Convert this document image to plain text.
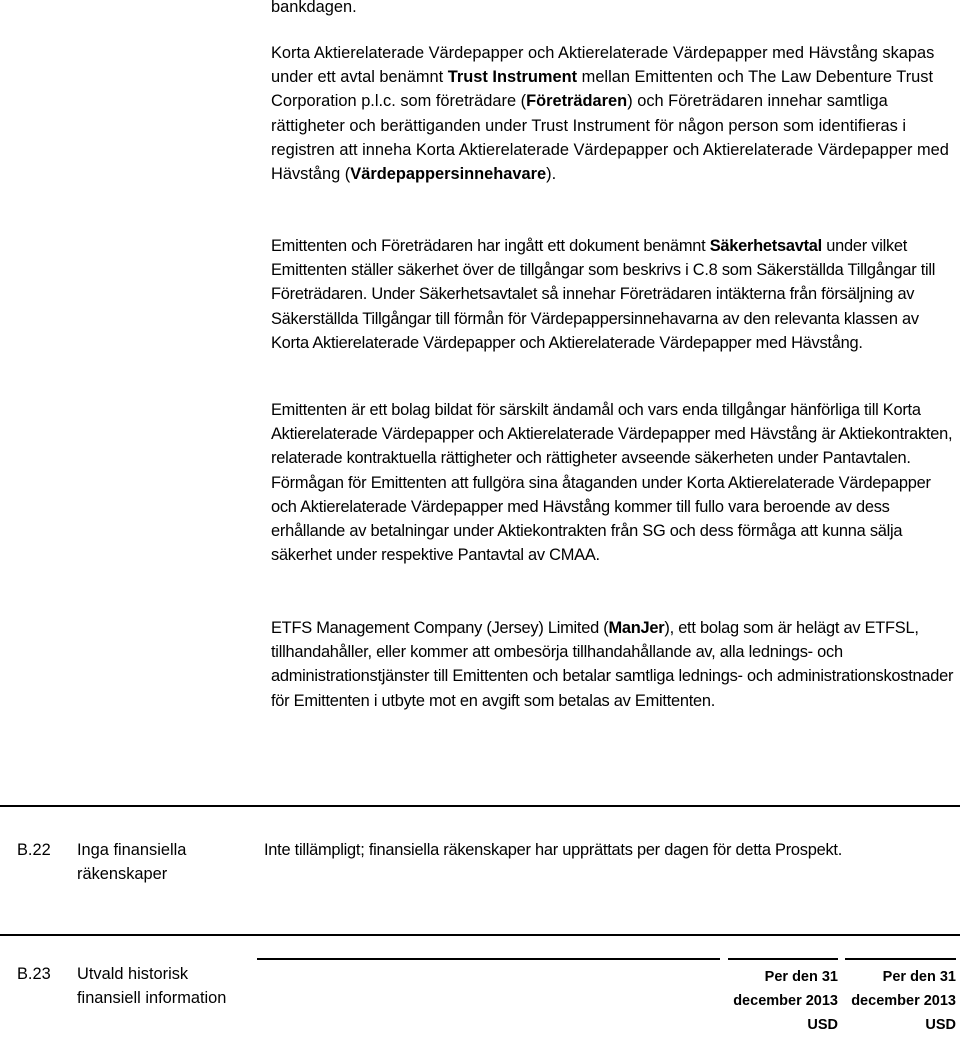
bankdagen.

Korta Aktierelaterade Värdepapper och Aktierelaterade Värdepapper med Hävstång skapas under ett avtal benämnt Trust Instrument mellan Emittenten och The Law Debenture Trust Corporation p.l.c. som företrädare (Företrädaren) och Företrädaren innehar samtliga rättigheter och berättiganden under Trust Instrument för någon person som identifieras i registren att inneha Korta Aktierelaterade Värdepapper och Aktierelaterade Värdepapper med Hävstång (Värdepappersinnehavare).

Emittenten och Företrädaren har ingått ett dokument benämnt Säkerhetsavtal under vilket Emittenten ställer säkerhet över de tillgångar som beskrivs i C.8 som Säkerställda Tillgångar till Företrädaren. Under Säkerhetsavtalet så innehar Företrädaren intäkterna från försäljning av Säkerställda Tillgångar till förmån för Värdepappersinnehavarna av den relevanta klassen av Korta Aktierelaterade Värdepapper och Aktierelaterade Värdepapper med Hävstång.

Emittenten är ett bolag bildat för särskilt ändamål och vars enda tillgångar hänförliga till Korta Aktierelaterade Värdepapper och Aktierelaterade Värdepapper med Hävstång är Aktiekontrakten, relaterade kontraktuella rättigheter och rättigheter avseende säkerheten under Pantavtalen. Förmågan för Emittenten att fullgöra sina åtaganden under Korta Aktierelaterade Värdepapper och Aktierelaterade Värdepapper med Hävstång kommer till fullo vara beroende av dess erhållande av betalningar under Aktiekontrakten från SG och dess förmåga att kunna sälja säkerhet under respektive Pantavtal av CMAA.

ETFS Management Company (Jersey) Limited (ManJer), ett bolag som är helägt av ETFSL, tillhandahåller, eller kommer att ombesörja tillhandahållande av, alla lednings- och administrationstjänster till Emittenten och betalar samtliga lednings- och administrationskostnader för Emittenten i utbyte mot en avgift som betalas av Emittenten.

B.22 Inga finansiella räkenskaper
Inte tillämpligt; finansiella räkenskaper har upprättats per dagen för detta Prospekt.
B.23 Utvald historisk finansiell information
Per den 31 december 2013 USD
Per den 31 december 2013 USD
